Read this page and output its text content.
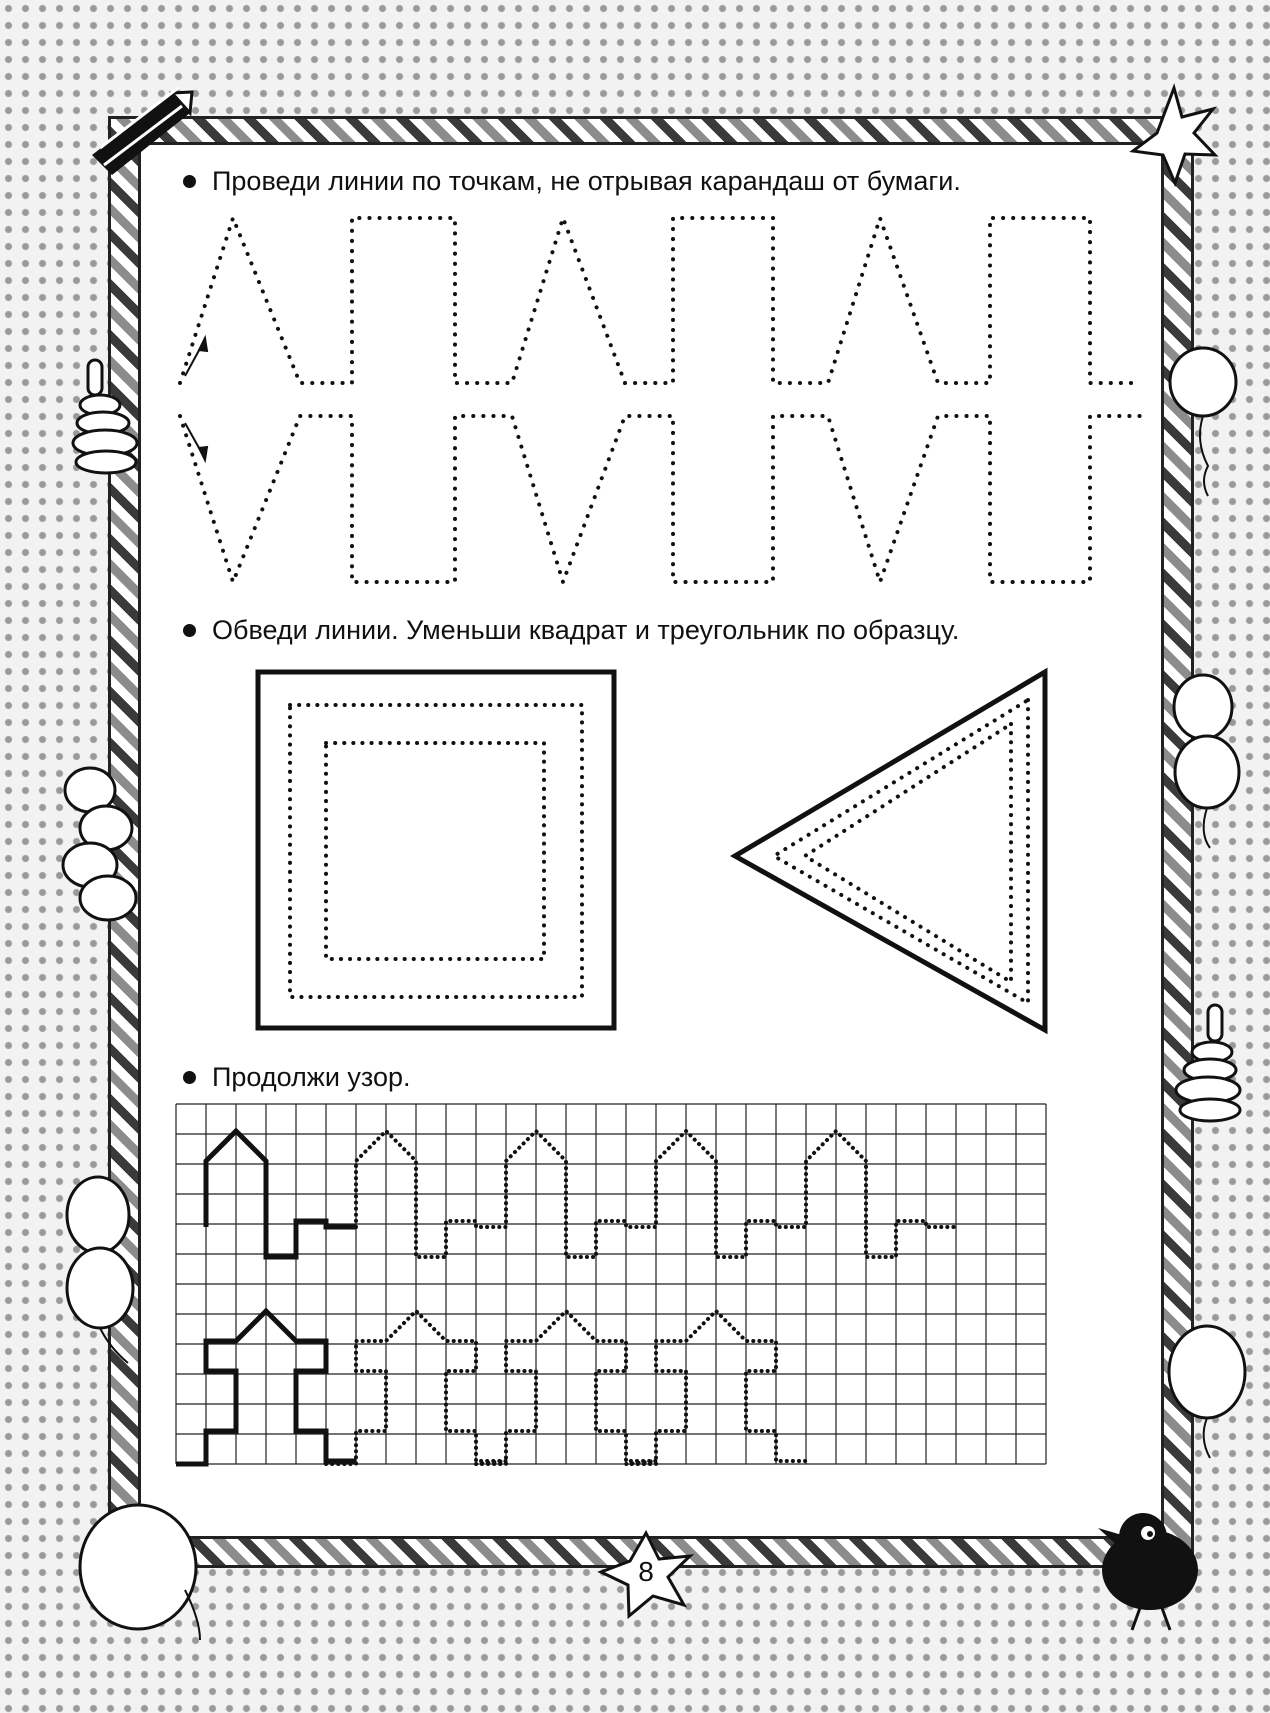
Проведи линии по точкам, не отрывая карандаш от бумаги.
Обведи линии. Уменьши квадрат и треугольник по образцу.
Продолжи узор.
8
